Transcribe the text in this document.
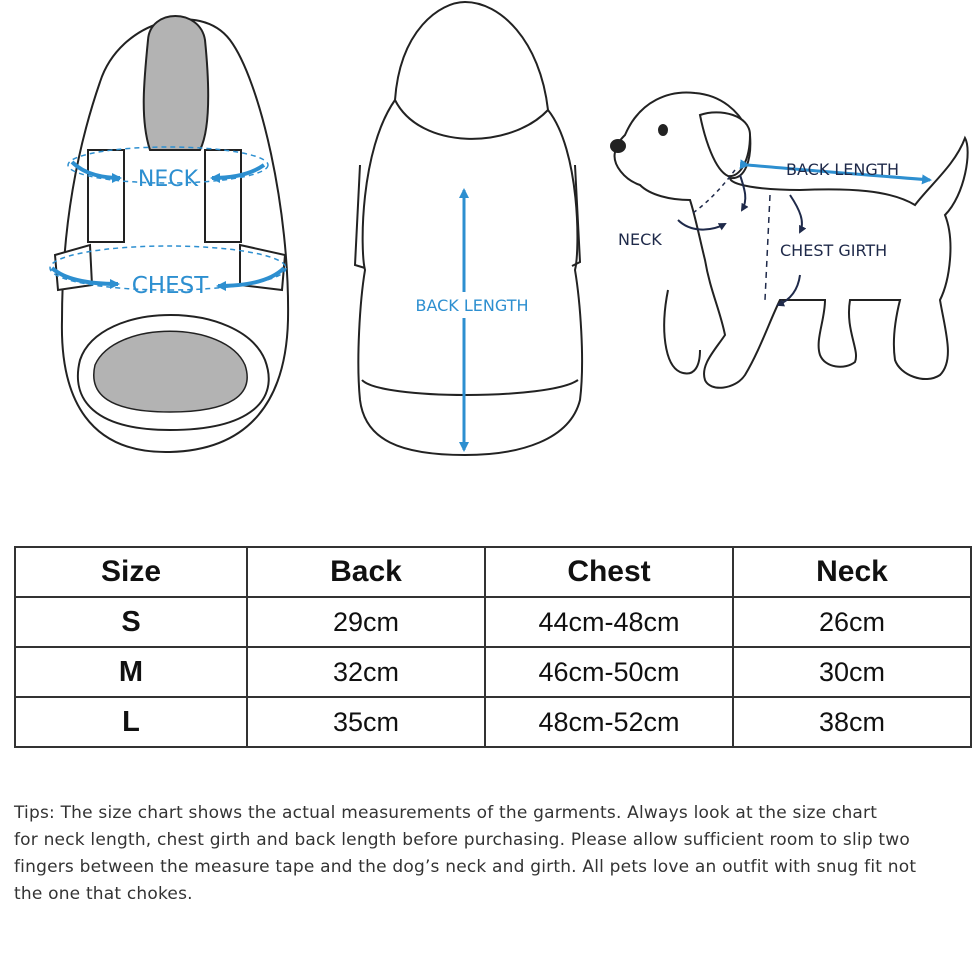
NECK
CHEST
BACK LENGTH
BACK LENGTH
NECK
CHEST GIRTH
Size	Back	Chest	Neck
S	29cm	44cm-48cm	26cm
M	32cm	46cm-50cm	30cm
L	35cm	48cm-52cm	38cm
Tips: The size chart shows the actual measurements of the garments. Always look at the size chart
for neck length, chest girth and back length before purchasing. Please allow sufficient room to slip two
fingers between the measure tape and the dog’s neck and girth. All pets love an outfit with snug fit not
the one that chokes.
